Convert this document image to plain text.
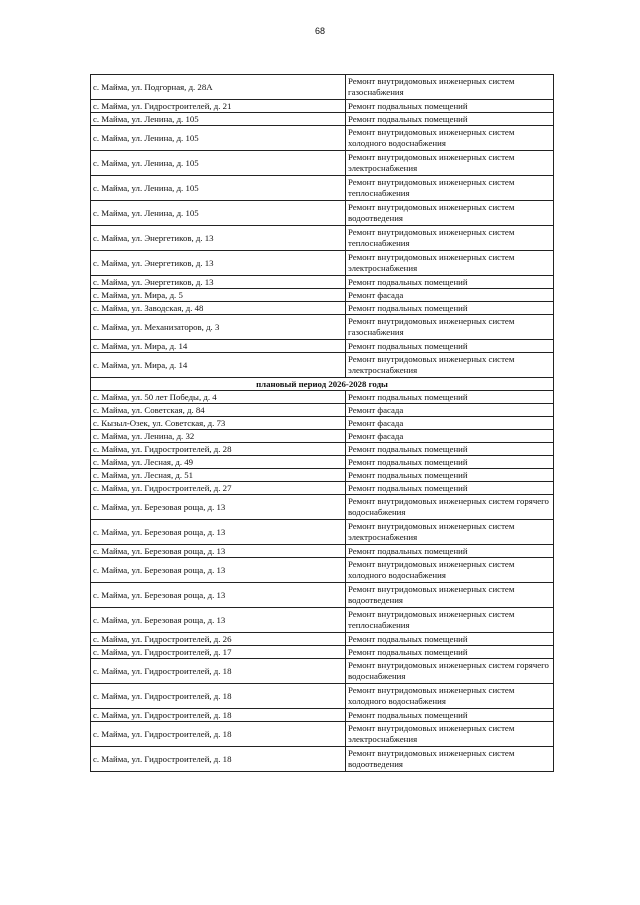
68
с. Майма, ул. Подгорная, д. 28А	Ремонт внутридомовых инженерных систем газоснабжения
с. Майма, ул. Гидростроителей, д. 21	Ремонт подвальных помещений
с. Майма, ул. Ленина, д. 105	Ремонт подвальных помещений
с. Майма, ул. Ленина, д. 105	Ремонт внутридомовых инженерных систем холодного водоснабжения
с. Майма, ул. Ленина, д. 105	Ремонт внутридомовых инженерных систем электроснабжения
с. Майма, ул. Ленина, д. 105	Ремонт внутридомовых инженерных систем теплоснабжения
с. Майма, ул. Ленина, д. 105	Ремонт внутридомовых инженерных систем водоотведения
с. Майма, ул. Энергетиков, д. 13	Ремонт внутридомовых инженерных систем теплоснабжения
с. Майма, ул. Энергетиков, д. 13	Ремонт внутридомовых инженерных систем электроснабжения
с. Майма, ул. Энергетиков, д. 13	Ремонт подвальных помещений
с. Майма, ул. Мира, д. 5	Ремонт фасада
с. Майма, ул. Заводская, д. 48	Ремонт подвальных помещений
с. Майма, ул. Механизаторов, д. 3	Ремонт внутридомовых инженерных систем газоснабжения
с. Майма, ул. Мира, д. 14	Ремонт подвальных помещений
с. Майма, ул. Мира, д. 14	Ремонт внутридомовых инженерных систем электроснабжения
плановый период 2026-2028 годы	
с. Майма, ул. 50 лет Победы, д. 4	Ремонт подвальных помещений
с. Майма, ул. Советская, д. 84	Ремонт фасада
с. Кызыл-Озек, ул. Советская, д. 73	Ремонт фасада
с. Майма, ул. Ленина, д. 32	Ремонт фасада
с. Майма, ул. Гидростроителей, д. 28	Ремонт подвальных помещений
с. Майма, ул. Лесная, д. 49	Ремонт подвальных помещений
с. Майма, ул. Лесная, д. 51	Ремонт подвальных помещений
с. Майма, ул. Гидростроителей, д. 27	Ремонт подвальных помещений
с. Майма, ул. Березовая роща, д. 13	Ремонт внутридомовых инженерных систем горячего водоснабжения
с. Майма, ул. Березовая роща, д. 13	Ремонт внутридомовых инженерных систем электроснабжения
с. Майма, ул. Березовая роща, д. 13	Ремонт подвальных помещений
с. Майма, ул. Березовая роща, д. 13	Ремонт внутридомовых инженерных систем холодного водоснабжения
с. Майма, ул. Березовая роща, д. 13	Ремонт внутридомовых инженерных систем водоотведения
с. Майма, ул. Березовая роща, д. 13	Ремонт внутридомовых инженерных систем теплоснабжения
с. Майма, ул. Гидростроителей, д. 26	Ремонт подвальных помещений
с. Майма, ул. Гидростроителей, д. 17	Ремонт подвальных помещений
с. Майма, ул. Гидростроителей, д. 18	Ремонт внутридомовых инженерных систем горячего водоснабжения
с. Майма, ул. Гидростроителей, д. 18	Ремонт внутридомовых инженерных систем холодного водоснабжения
с. Майма, ул. Гидростроителей, д. 18	Ремонт подвальных помещений
с. Майма, ул. Гидростроителей, д. 18	Ремонт внутридомовых инженерных систем электроснабжения
с. Майма, ул. Гидростроителей, д. 18	Ремонт внутридомовых инженерных систем водоотведения
